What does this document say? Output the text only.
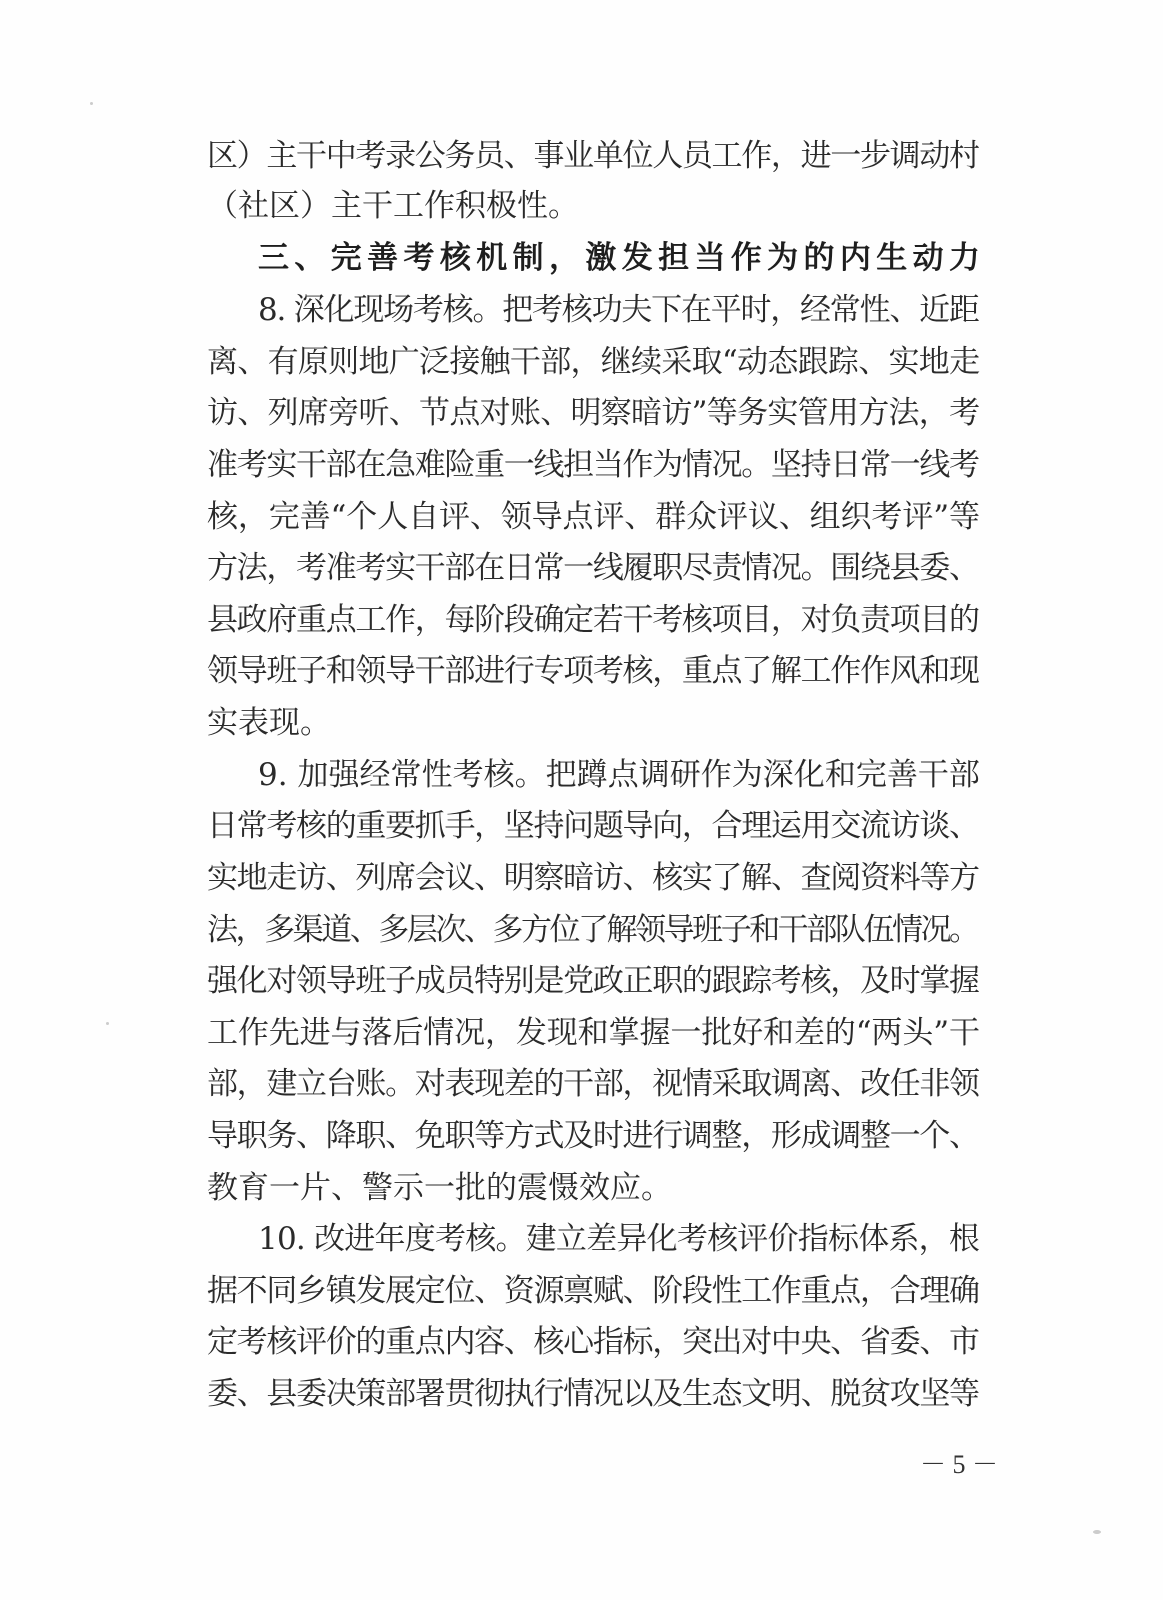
区）主干中考录公务员、事业单位人员工作，进一步调动村
（社区）主干工作积极性。
三、完善考核机制，激发担当作为的内生动力
8. 深化现场考核。把考核功夫下在平时，经常性、近距
离、有原则地广泛接触干部，继续采取“动态跟踪、实地走
访、列席旁听、节点对账、明察暗访”等务实管用方法，考
准考实干部在急难险重一线担当作为情况。坚持日常一线考
核，完善“个人自评、领导点评、群众评议、组织考评”等
方法，考准考实干部在日常一线履职尽责情况。围绕县委、
县政府重点工作，每阶段确定若干考核项目，对负责项目的
领导班子和领导干部进行专项考核，重点了解工作作风和现
实表现。
9. 加强经常性考核。把蹲点调研作为深化和完善干部
日常考核的重要抓手，坚持问题导向，合理运用交流访谈、
实地走访、列席会议、明察暗访、核实了解、查阅资料等方
法，多渠道、多层次、多方位了解领导班子和干部队伍情况。
强化对领导班子成员特别是党政正职的跟踪考核，及时掌握
工作先进与落后情况，发现和掌握一批好和差的“两头”干
部，建立台账。对表现差的干部，视情采取调离、改任非领
导职务、降职、免职等方式及时进行调整，形成调整一个、
教育一片、警示一批的震慑效应。
10. 改进年度考核。建立差异化考核评价指标体系，根
据不同乡镇发展定位、资源禀赋、阶段性工作重点，合理确
定考核评价的重点内容、核心指标，突出对中央、省委、市
委、县委决策部署贯彻执行情况以及生态文明、脱贫攻坚等
－ 5 －
